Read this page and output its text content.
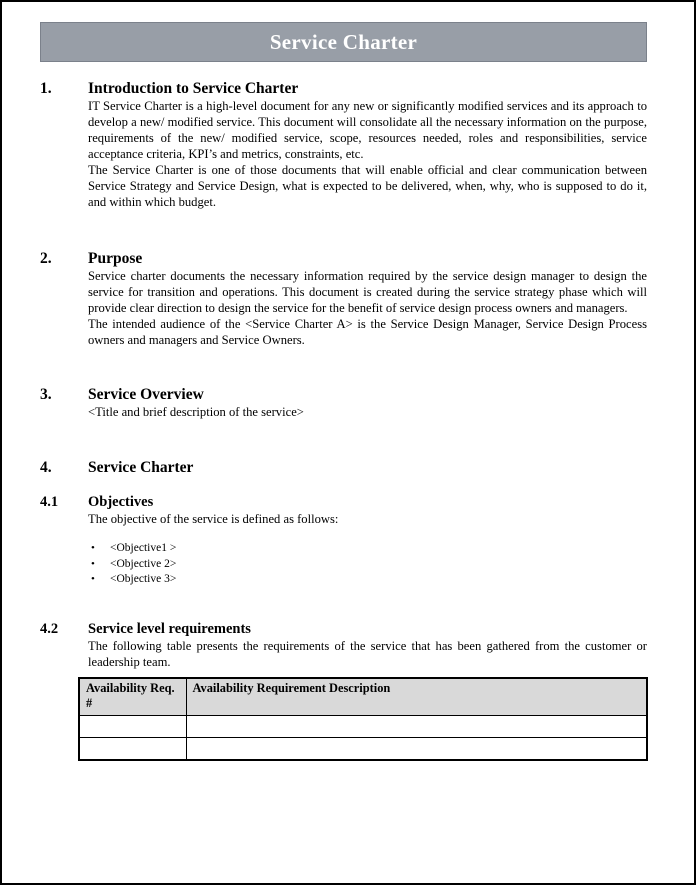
Service Charter
1.	Introduction to Service Charter

IT Service Charter is a high-level document for any new or significantly modified services and its approach to develop a new/ modified service. This document will consolidate all the necessary information on the purpose, requirements of the new/ modified service, scope, resources needed, roles and responsibilities, service acceptance criteria, KPI’s and metrics, constraints, etc.

The Service Charter is one of those documents that will enable official and clear communication between Service Strategy and Service Design, what is expected to be delivered, when, why, who is supposed to do it, and within which budget.

2.	Purpose

Service charter documents the necessary information required by the service design manager to design the service for transition and operations. This document is created during the service strategy phase which will provide clear direction to design the service for the benefit of service design process owners and managers.

The intended audience of the <Service Charter A> is the Service Design Manager, Service Design Process owners and managers and Service Owners.

3.	Service Overview

<Title and brief description of the service>

4.	Service Charter
4.1	Objectives

The objective of the service is defined as follows:

• <Objective1 >
• <Objective 2>
• <Objective 3>
4.2	Service level requirements

The following table presents the requirements of the service that has been gathered from the customer or leadership team.

Availability Req. #	Availability Requirement Description
